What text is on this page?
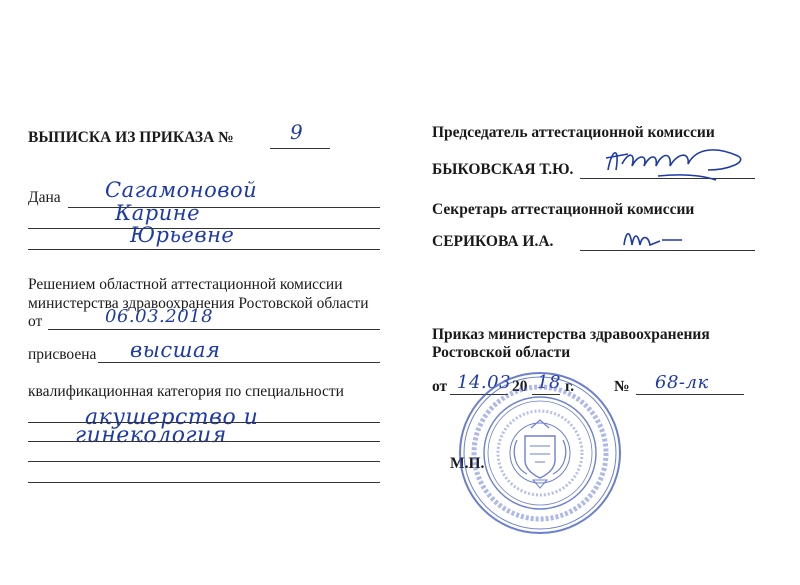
ВЫПИСКА ИЗ ПРИКАЗА №	9
Дана Сагамоновой
Карине
Юрьевне
Решением областной аттестационной комиссии
министерства здравоохранения Ростовской области
от	06.03.2018
присвоена высшая
квалификационная категория по специальности
акушерство и
гинекология
Председатель аттестационной комиссии
БЫКОВСКАЯ Т.Ю.
Секретарь аттестационной комиссии
СЕРИКОВА И.А.
Приказ министерства здравоохранения
Ростовской области
от 14.03 20 18 г.	№ 68-лк
М.П.
